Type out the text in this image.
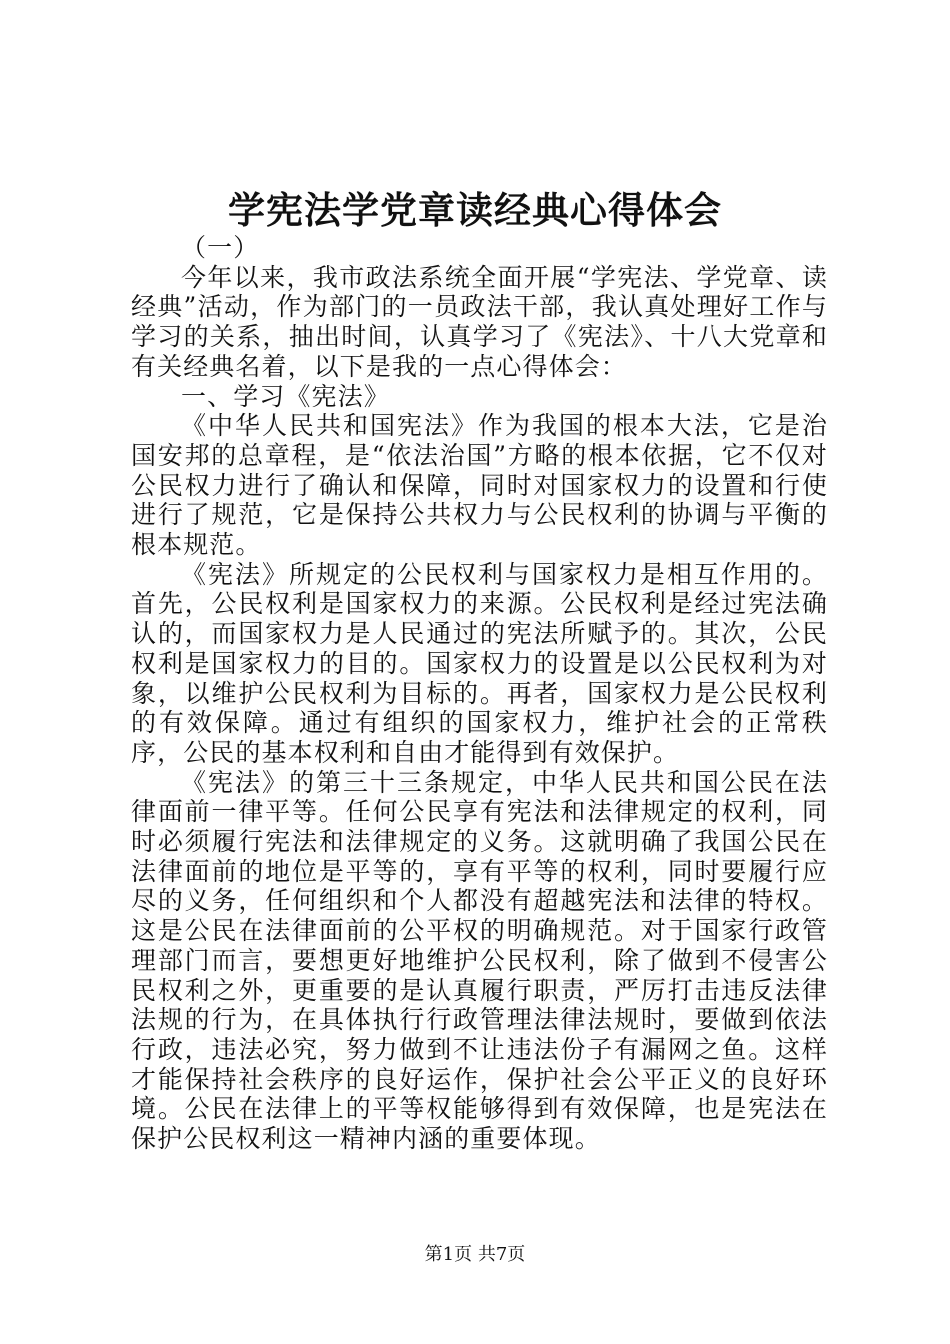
学宪法学党章读经典心得体会

（一）

今年以来，我市政法系统全面开展“学宪法、学党章、读经典”活动，作为部门的一员政法干部，我认真处理好工作与学习的关系，抽出时间，认真学习了《宪法》、十八大党章和有关经典名着，以下是我的一点心得体会：

一、学习《宪法》

《中华人民共和国宪法》作为我国的根本大法，它是治国安邦的总章程，是“依法治国”方略的根本依据，它不仅对公民权力进行了确认和保障，同时对国家权力的设置和行使进行了规范，它是保持公共权力与公民权利的协调与平衡的根本规范。

《宪法》所规定的公民权利与国家权力是相互作用的。首先，公民权利是国家权力的来源。公民权利是经过宪法确认的，而国家权力是人民通过的宪法所赋予的。其次，公民权利是国家权力的目的。国家权力的设置是以公民权利为对象，以维护公民权利为目标的。再者，国家权力是公民权利的有效保障。通过有组织的国家权力，维护社会的正常秩序，公民的基本权利和自由才能得到有效保护。

《宪法》的第三十三条规定，中华人民共和国公民在法律面前一律平等。任何公民享有宪法和法律规定的权利，同时必须履行宪法和法律规定的义务。这就明确了我国公民在法律面前的地位是平等的，享有平等的权利，同时要履行应尽的义务，任何组织和个人都没有超越宪法和法律的特权。这是公民在法律面前的公平权的明确规范。对于国家行政管理部门而言，要想更好地维护公民权利，除了做到不侵害公民权利之外，更重要的是认真履行职责，严厉打击违反法律法规的行为，在具体执行行政管理法律法规时，要做到依法行政，违法必究，努力做到不让违法份子有漏网之鱼。这样才能保持社会秩序的良好运作，保护社会公平正义的良好环境。公民在法律上的平等权能够得到有效保障，也是宪法在保护公民权利这一精神内涵的重要体现。

第1页 共7页
